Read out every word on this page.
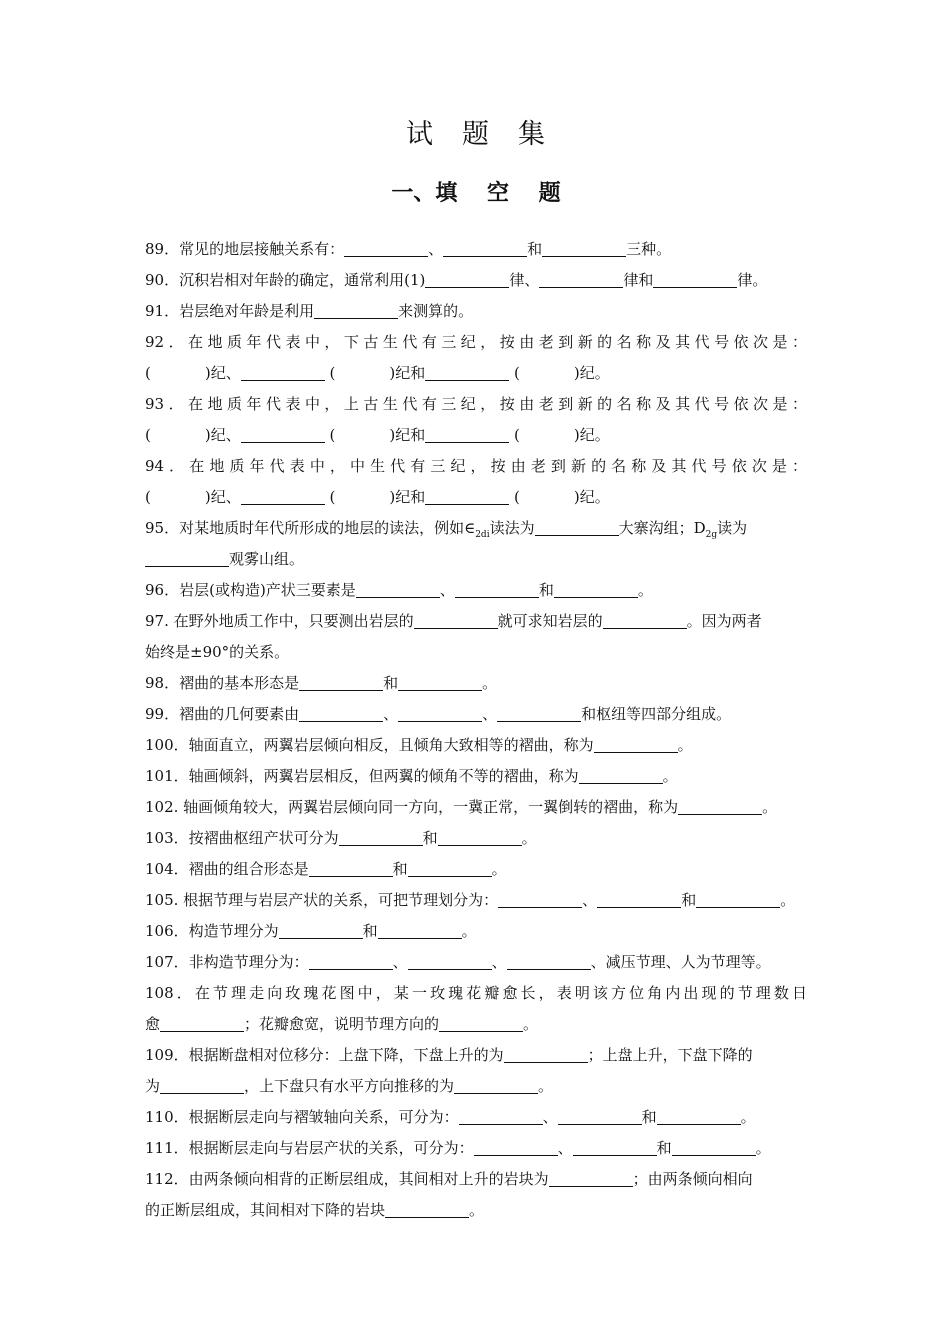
试　题　集
一、填 空 题
89．常见的地层接触关系有：	、	和	三种。
90．沉积岩相对年龄的确定，通常利用(1)	律、	律和	律。
91．岩层绝对年龄是利用	来测算的。
92．在地质年代表中，下古生代有三纪，按由老到新的名称及其代号依次是：
(	)纪、	(	)纪和	(	)纪。
93．在地质年代表中，上古生代有三纪，按由老到新的名称及其代号依次是：
(	)纪、	(	)纪和	(	)纪。
94．在地质年代表中，中生代有三纪，按由老到新的名称及其代号依次是：
(	)纪、	(	)纪和	(	)纪。
95．对某地质时年代所形成的地层的读法，例如$\in_{2di}$读法为	大寨沟组；$D_{2g}$读为
观雾山组。
96．岩层(或构造)产状三要素是	、	和	。
97. 在野外地质工作中，只要测出岩层的	就可求知岩层的	。因为两者
始终是±90°的关系。
98．褶曲的基本形态是	和	。
99．褶曲的几何要素由	、	、	和枢纽等四部分组成。
100．轴面直立，两翼岩层倾向相反，且倾角大致相等的褶曲，称为	。
101．轴画倾斜，两翼岩层相反，但两翼的倾角不等的褶曲，称为	。
102. 轴画倾角较大，两翼岩层倾向同一方向，一冀正常，一翼倒转的褶曲，称为	。
103．按褶曲枢纽产状可分为	和	。
104．褶曲的组合形态是	和	。
105. 根据节理与岩层产状的关系，可把节理划分为：	、	和	。
106．构造节埋分为	和	。
107．非构造节理分为：	、	、	、减压节理、人为节理等。
108．在节理走向玫瑰花图中，某一玫瑰花瓣愈长，表明该方位角内出现的节理数日
愈	；花瓣愈宽，说明节理方向的	。
109．根据断盘相对位移分：上盘下降，下盘上升的为	；上盘上升，下盘下降的
为	，上下盘只有水平方向推移的为	。
110．根据断层走向与褶皱轴向关系，可分为：	、	和	。
111．根据断层走向与岩层产状的关系，可分为：	、	和	。
112．由两条倾向相背的正断层组成，其间相对上升的岩块为	；由两条倾向相向
的正断层组成，其间相对下降的岩块	。
